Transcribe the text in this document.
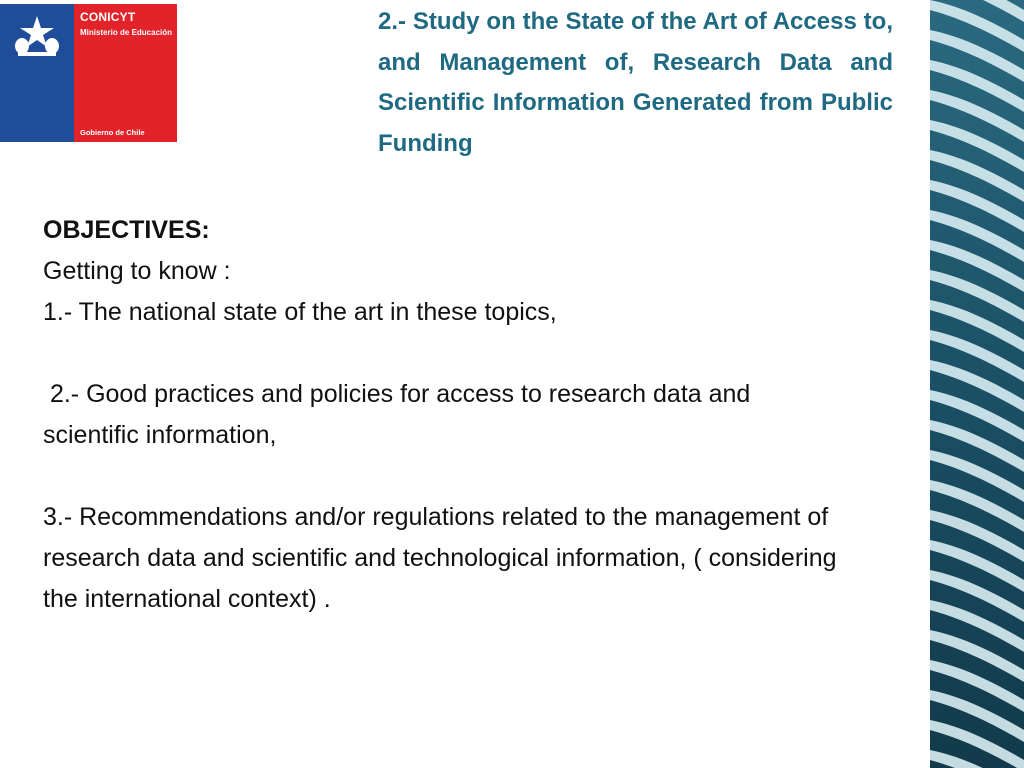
CONICYT
Ministerio de Educación
Gobierno de Chile
2.- Study on the State of the Art of Access to, and Management of, Research Data and Scientific Information Generated from Public Funding

OBJECTIVES:

Getting to know :

1.- The national state of the art in these topics,

2.- Good practices and policies for access to research data and scientific information,

3.- Recommendations and/or regulations related to the management of research data and scientific and technological information, ( considering the international context) .
